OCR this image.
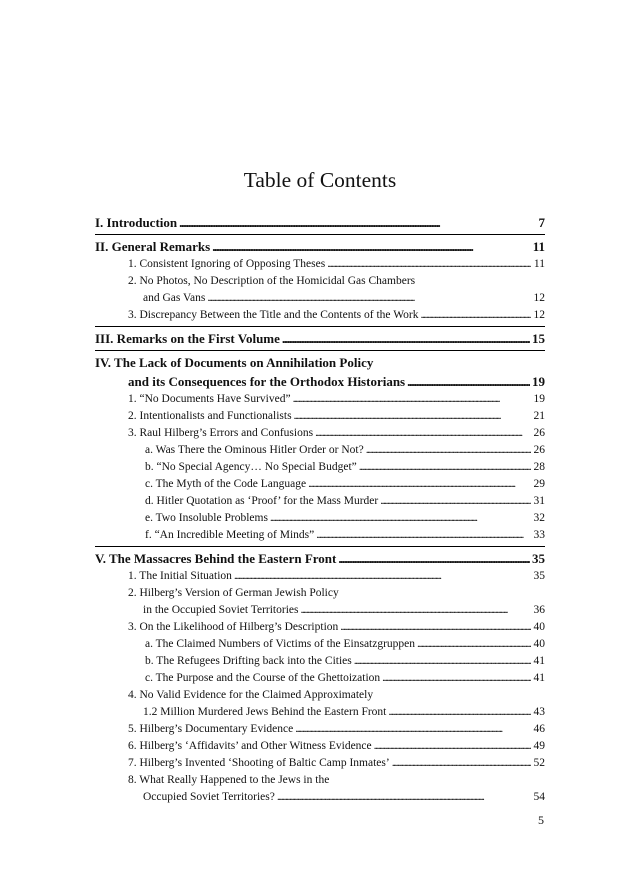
Table of Contents
I. Introduction . . .	7
II. General Remarks . . .	11
1. Consistent Ignoring of Opposing Theses . . .	11
2. No Photos, No Description of the Homicidal Gas Chambers
and Gas Vans . . .	12
3. Discrepancy Between the Title and the Contents of the Work . . .	12
III. Remarks on the First Volume . . .	15
IV. The Lack of Documents on Annihilation Policy
and its Consequences for the Orthodox Historians . . .	19
1. “No Documents Have Survived” . . .	19
2. Intentionalists and Functionalists . . .	21
3. Raul Hilberg’s Errors and Confusions . . .	26
a. Was There the Ominous Hitler Order or Not? . . .	26
b. “No Special Agency… No Special Budget” . . .	28
c. The Myth of the Code Language . . .	29
d. Hitler Quotation as ‘Proof’ for the Mass Murder . . .	31
e. Two Insoluble Problems . . .	32
f. “An Incredible Meeting of Minds” . . .	33
V. The Massacres Behind the Eastern Front . . .	35
1. The Initial Situation . . .	35
2. Hilberg’s Version of German Jewish Policy
in the Occupied Soviet Territories . . .	36
3. On the Likelihood of Hilberg’s Description . . .	40
a. The Claimed Numbers of Victims of the Einsatzgruppen . . .	40
b. The Refugees Drifting back into the Cities . . .	41
c. The Purpose and the Course of the Ghettoization . . .	41
4. No Valid Evidence for the Claimed Approximately
1.2 Million Murdered Jews Behind the Eastern Front . . .	43
5. Hilberg’s Documentary Evidence . . .	46
6. Hilberg’s ‘Affidavits’ and Other Witness Evidence . . .	49
7. Hilberg’s Invented ‘Shooting of Baltic Camp Inmates’ . . .	52
8. What Really Happened to the Jews in the
Occupied Soviet Territories? . . .	54
5
